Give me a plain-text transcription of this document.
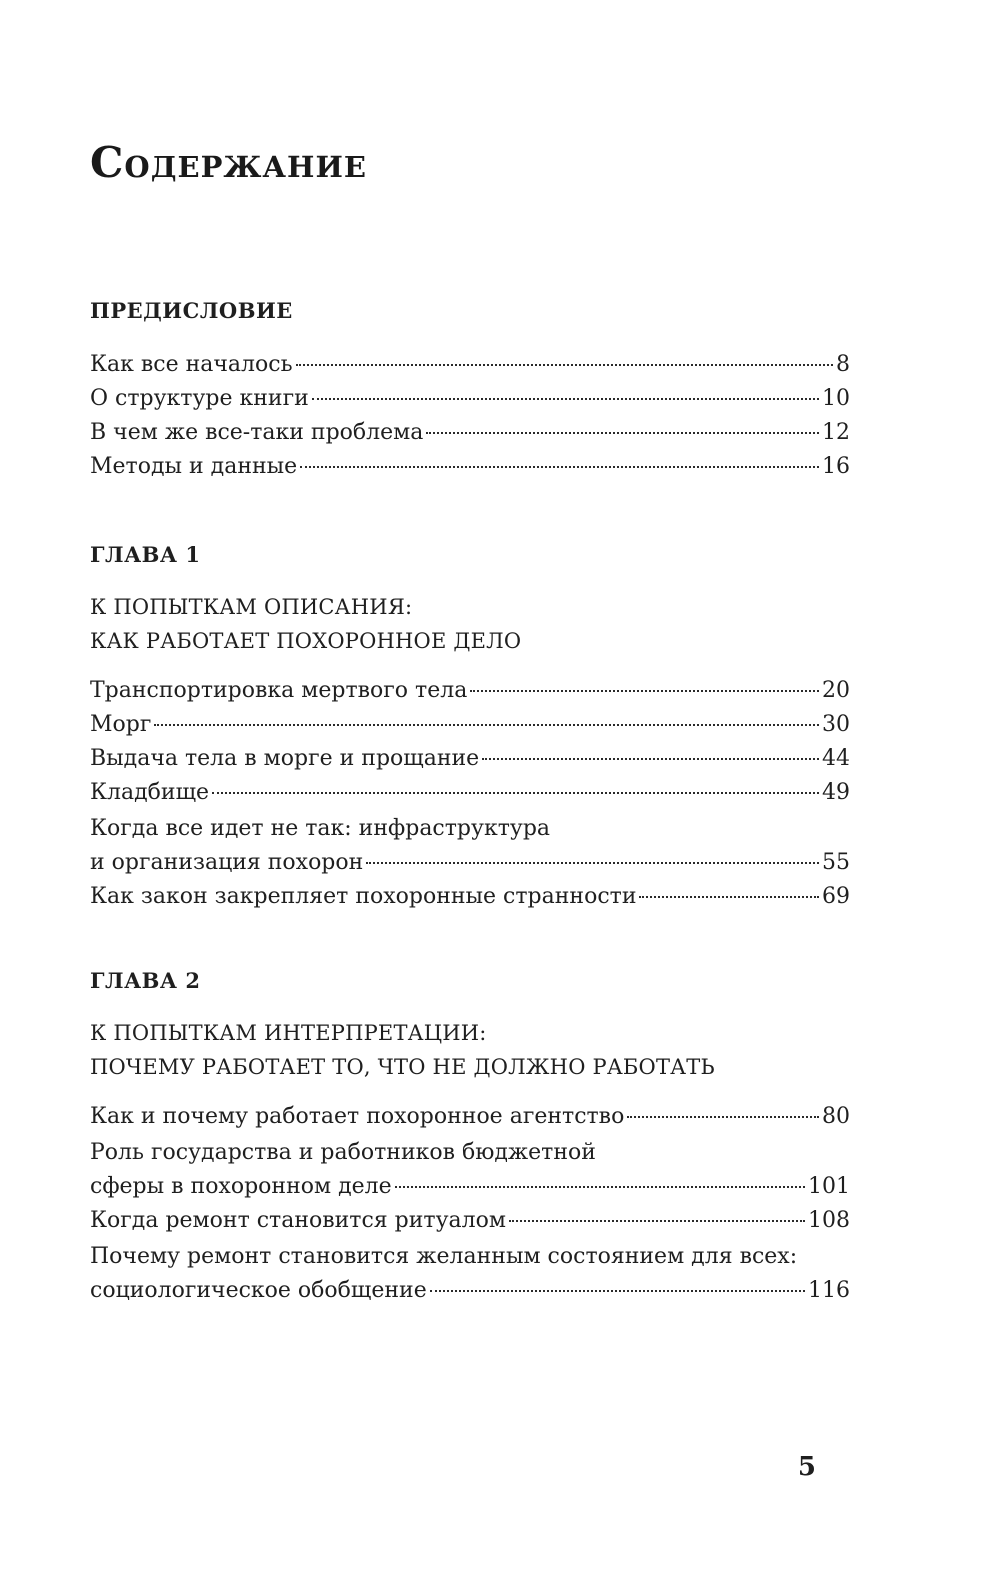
Содержание
ПРЕДИСЛОВИЕ
Как все началось	8
О структуре книги	10
В чем же все-таки проблема	12
Методы и данные	16
ГЛАВА 1
К ПОПЫТКАМ ОПИСАНИЯ:
КАК РАБОТАЕТ ПОХОРОННОЕ ДЕЛО
Транспортировка мертвого тела	20
Морг	30
Выдача тела в морге и прощание	44
Кладбище	49
Когда все идет не так: инфраструктура
и организация похорон	55
Как закон закрепляет похоронные странности	69
ГЛАВА 2
К ПОПЫТКАМ ИНТЕРПРЕТАЦИИ:
ПОЧЕМУ РАБОТАЕТ ТО, ЧТО НЕ ДОЛЖНО РАБОТАТЬ
Как и почему работает похоронное агентство	80
Роль государства и работников бюджетной
сферы в похоронном деле	101
Когда ремонт становится ритуалом	108
Почему ремонт становится желанным состоянием для всех:
социологическое обобщение	116
5
